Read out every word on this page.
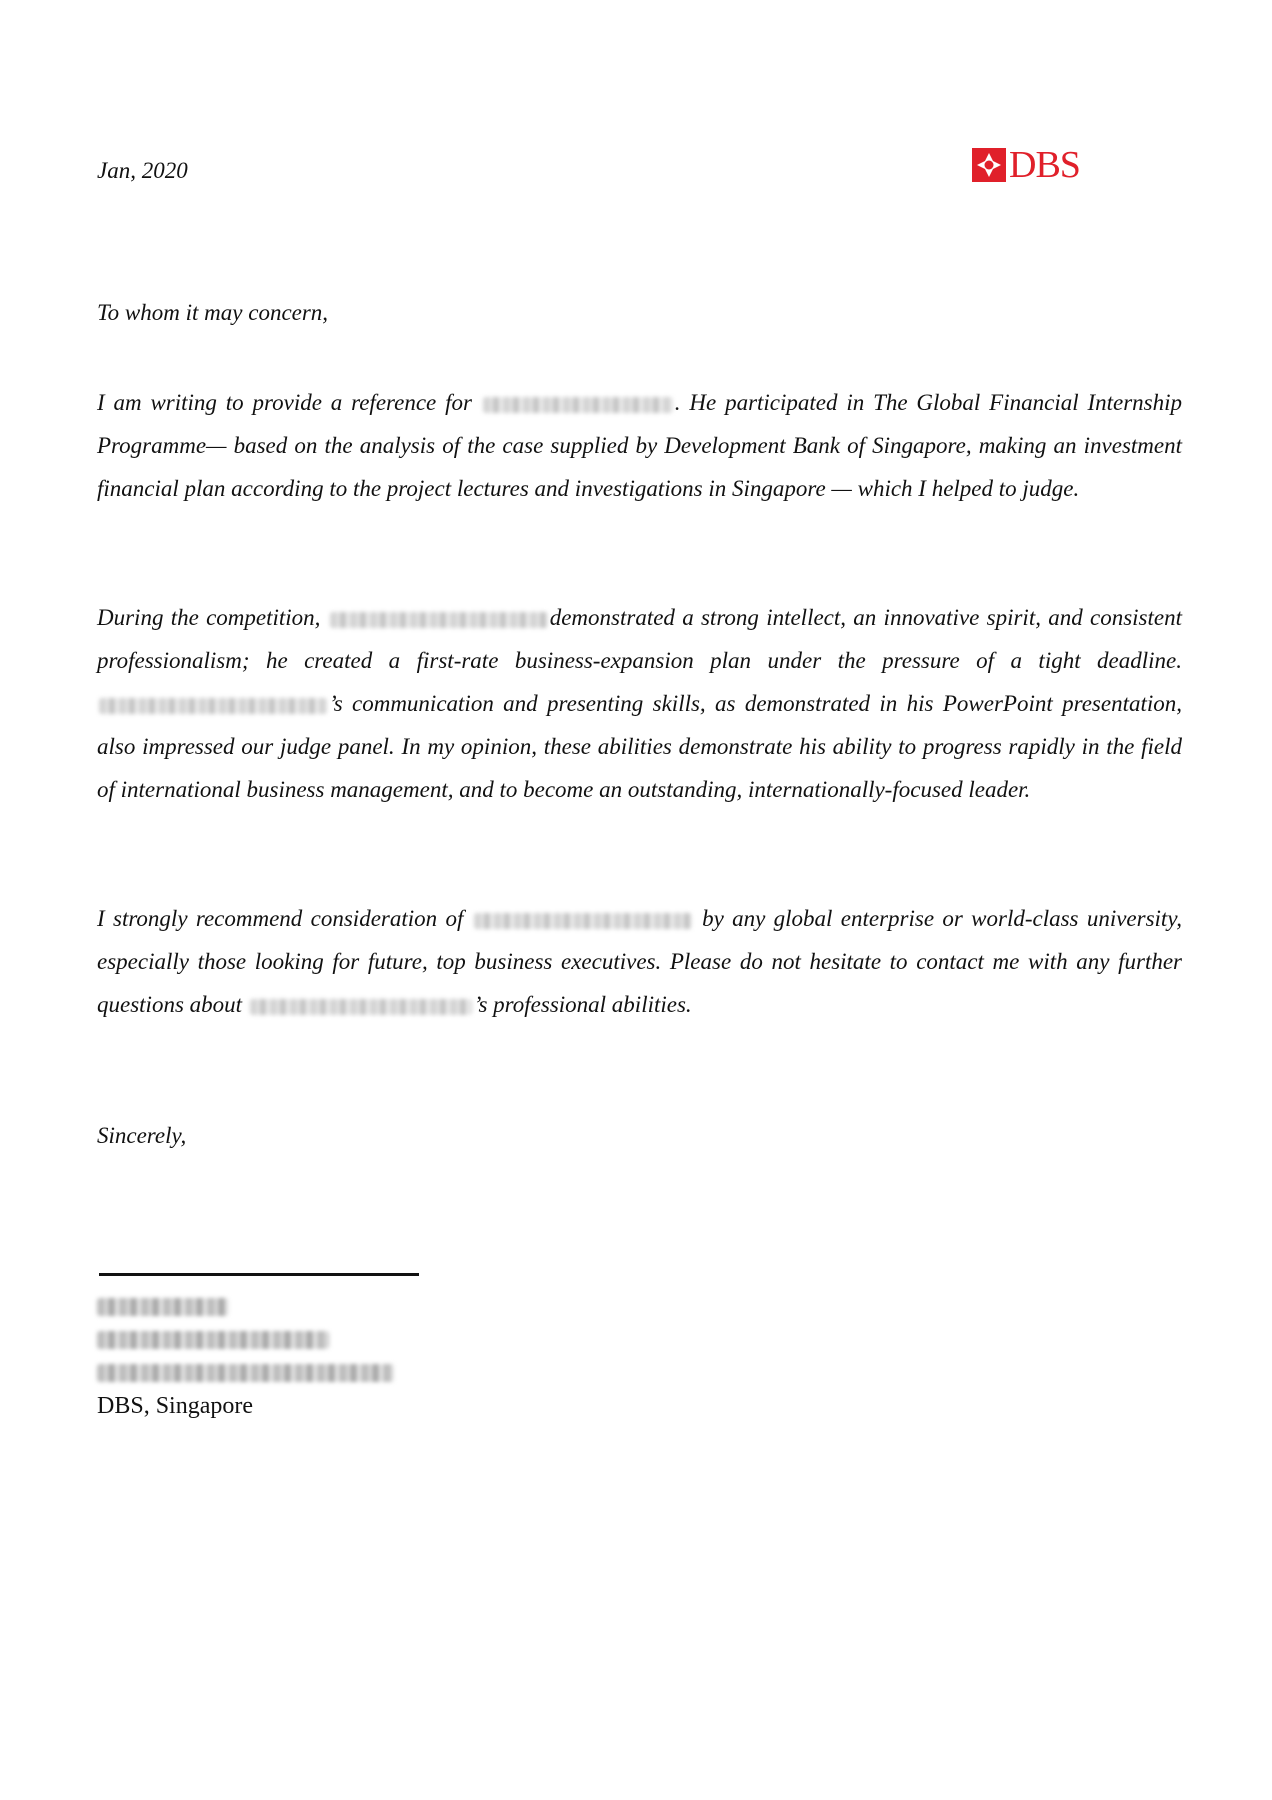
Jan, 2020	DBS
To whom it may concern,
I am writing to provide a reference for	. He participated in The Global Financial Internship Programme— based on the analysis of the case supplied by Development Bank of Singapore, making an investment financial plan according to the project lectures and investigations in Singapore — which I helped to judge.
During the competition,	demonstrated a strong intellect, an innovative spirit, and consistent professionalism; he created a first-rate business-expansion plan under the pressure of a tight deadline. ’s communication and presenting skills, as demonstrated in his PowerPoint presentation, also impressed our judge panel. In my opinion, these abilities demonstrate his ability to progress rapidly in the field of international business management, and to become an outstanding, internationally-focused leader.
I strongly recommend consideration of	by any global enterprise or world-class university, especially those looking for future, top business executives. Please do not hesitate to contact me with any further questions about	’s professional abilities.
Sincerely,
DBS, Singapore
